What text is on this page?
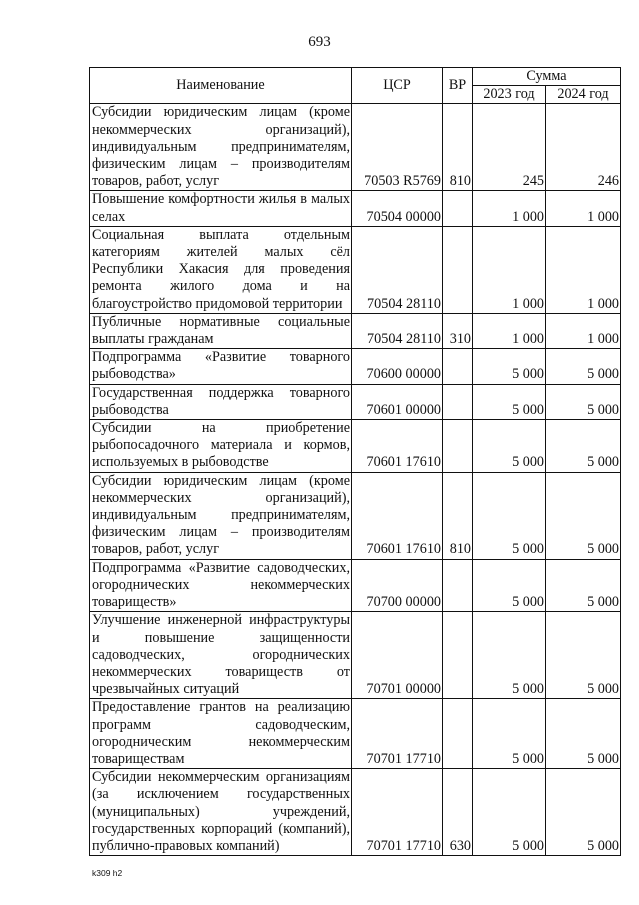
693
Наименование	ЦСР	ВР	Сумма	
			2023 год	2024 год
Субсидии юридическим лицам (кроме некоммерческих организаций), индивидуальным предпринимателям, физическим лицам – производителям товаров, работ, услуг	70503 R5769	810	245	246
Повышение комфортности жилья в малых селах	70504 00000		1 000	1 000
Социальная выплата отдельным категориям жителей малых сёл Республики Хакасия для проведения ремонта жилого дома и на благоустройство придомовой территории	70504 28110		1 000	1 000
Публичные нормативные социальные выплаты гражданам	70504 28110	310	1 000	1 000
Подпрограмма «Развитие товарного рыбоводства»	70600 00000		5 000	5 000
Государственная поддержка товарного рыбоводства	70601 00000		5 000	5 000
Субсидии на приобретение рыбопосадочного материала и кормов, используемых в рыбоводстве	70601 17610		5 000	5 000
Субсидии юридическим лицам (кроме некоммерческих организаций), индивидуальным предпринимателям, физическим лицам – производителям товаров, работ, услуг	70601 17610	810	5 000	5 000
Подпрограмма «Развитие садоводческих, огороднических некоммерческих товариществ»	70700 00000		5 000	5 000
Улучшение инженерной инфраструктуры и повышение защищенности садоводческих, огороднических некоммерческих товариществ от чрезвычайных ситуаций	70701 00000		5 000	5 000
Предоставление грантов на реализацию программ садоводческим, огородническим некоммерческим товариществам	70701 17710		5 000	5 000
Субсидии некоммерческим организациям (за исключением государственных (муниципальных) учреждений, государственных корпораций (компаний), публично-правовых компаний)	70701 17710	630	5 000	5 000
k309 h2
